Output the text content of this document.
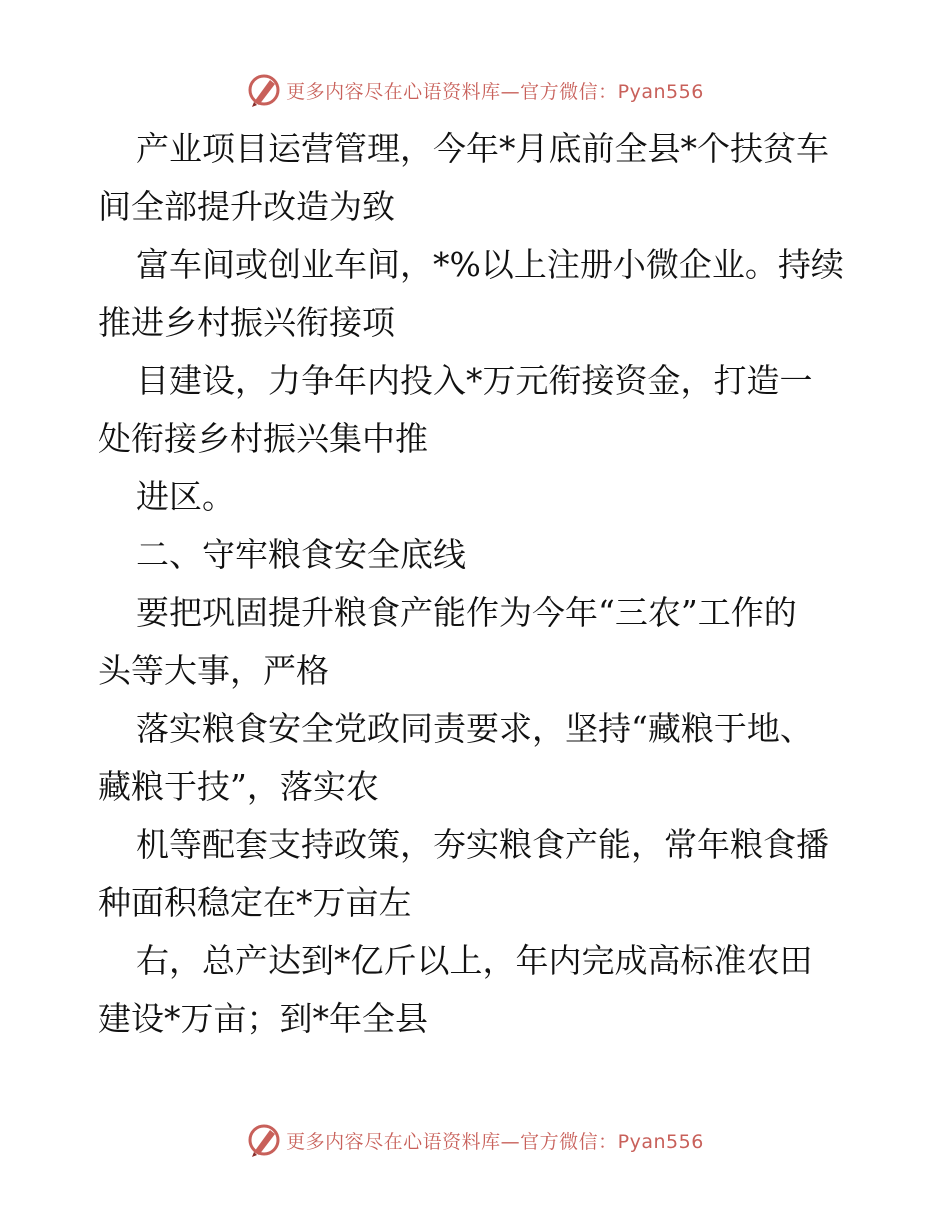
更多内容尽在心语资料库—官方微信：Pyan556

产业项目运营管理，今年*月底前全县*个扶贫车
间全部提升改造为致

富车间或创业车间，*%以上注册小微企业。持续
推进乡村振兴衔接项

目建设，力争年内投入*万元衔接资金，打造一
处衔接乡村振兴集中推

进区。

二、守牢粮食安全底线

要把巩固提升粮食产能作为今年“三农”工作的
头等大事，严格

落实粮食安全党政同责要求，坚持“藏粮于地、
藏粮于技”，落实农

机等配套支持政策，夯实粮食产能，常年粮食播
种面积稳定在*万亩左

右，总产达到*亿斤以上，年内完成高标准农田
建设*万亩；到*年全县

更多内容尽在心语资料库—官方微信：Pyan556
